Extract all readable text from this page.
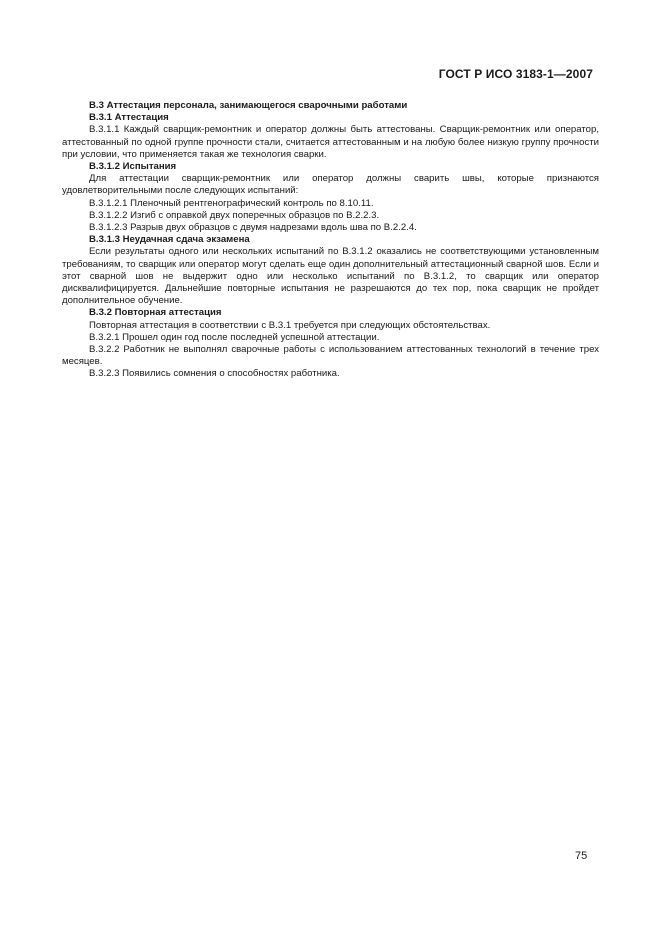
ГОСТ Р ИСО 3183-1—2007

В.3 Аттестация персонала, занимающегося сварочными работами

В.3.1 Аттестация

В.3.1.1 Каждый сварщик-ремонтник и оператор должны быть аттестованы. Сварщик-ремонтник или оператор, аттестованный по одной группе прочности стали, считается аттестованным и на любую более низкую группу прочности при условии, что применяется такая же технология сварки.

В.3.1.2 Испытания

Для аттестации сварщик-ремонтник или оператор должны сварить швы, которые признаются удовлетворительными после следующих испытаний:

В.3.1.2.1 Пленочный рентгенографический контроль по 8.10.11.

В.3.1.2.2 Изгиб с оправкой двух поперечных образцов по В.2.2.3.

В.3.1.2.3 Разрыв двух образцов с двумя надрезами вдоль шва по В.2.2.4.

В.3.1.3 Неудачная сдача экзамена

Если результаты одного или нескольких испытаний по В.3.1.2 оказались не соответствующими установленным требованиям, то сварщик или оператор могут сделать еще один дополнительный аттестационный сварной шов. Если и этот сварной шов не выдержит одно или несколько испытаний по В.3.1.2, то сварщик или оператор дисквалифицируется. Дальнейшие повторные испытания не разрешаются до тех пор, пока сварщик не пройдет дополнительное обучение.

В.3.2 Повторная аттестация

Повторная аттестация в соответствии с В.3.1 требуется при следующих обстоятельствах.

В.3.2.1 Прошел один год после последней успешной аттестации.

В.3.2.2 Работник не выполнял сварочные работы с использованием аттестованных технологий в течение трех месяцев.

В.3.2.3 Появились сомнения о способностях работника.

75
